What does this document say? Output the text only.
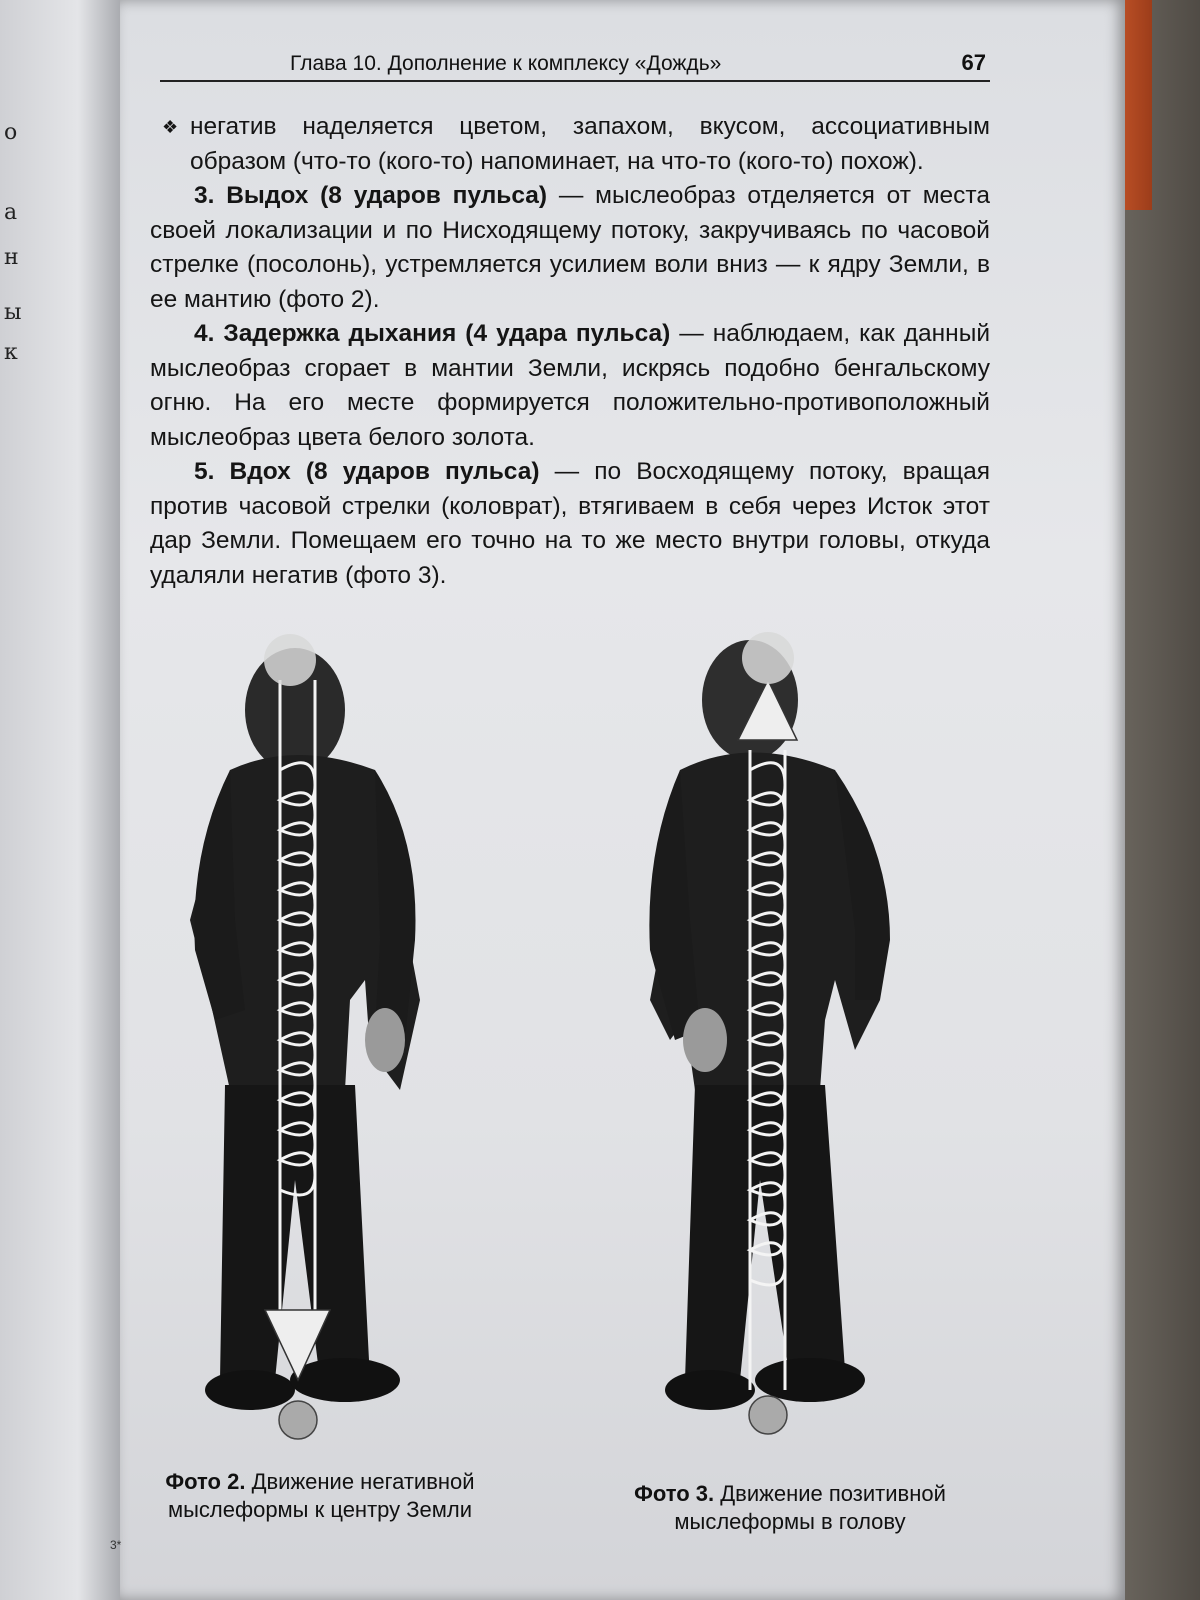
о
а
н
ы
к
Глава 10. Дополнение к комплексу «Дождь»	67

❖ негатив наделяется цветом, запахом, вкусом, ассоциативным образом (что-то (кого-то) напоминает, на что-то (кого-то) похож).

3. Выдох (8 ударов пульса) — мыслеобраз отделяется от места своей локализации и по Нисходящему потоку, закручиваясь по часовой стрелке (посолонь), устремляется усилием воли вниз — к ядру Земли, в ее мантию (фото 2).

4. Задержка дыхания (4 удара пульса) — наблюдаем, как данный мыслеобраз сгорает в мантии Земли, искрясь подобно бенгальскому огню. На его месте формируется положительно-противоположный мыслеобраз цвета белого золота.

5. Вдох (8 ударов пульса) — по Восходящему потоку, вращая против часовой стрелки (коловрат), втягиваем в себя через Исток этот дар Земли. Помещаем его точно на то же место внутри головы, откуда удаляли негатив (фото 3).

Фото 2. Движение негативной мыслеформы к центру Земли
Фото 3. Движение позитивной мыслеформы в голову
3*
